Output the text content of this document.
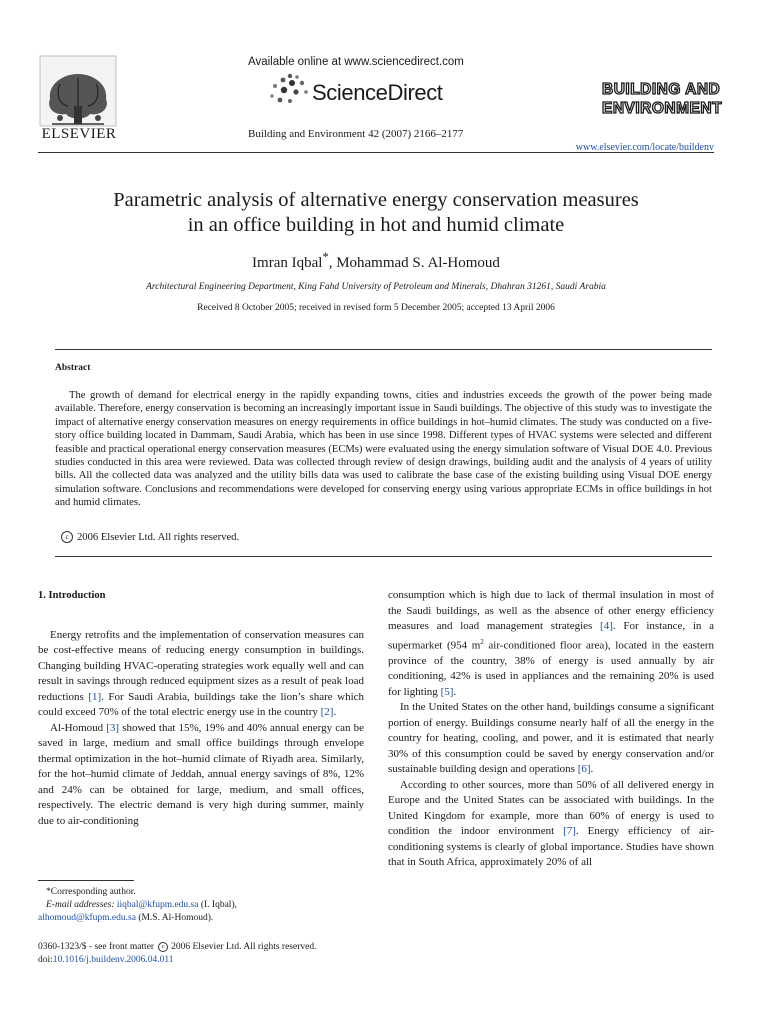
ELSEVIER
Available online at www.sciencedirect.com
ScienceDirect
Building and Environment 42 (2007) 2166–2177
BUILDING AND
ENVIRONMENT
www.elsevier.com/locate/buildenv
Parametric analysis of alternative energy conservation measures
in an office building in hot and humid climate
Imran Iqbal*, Mohammad S. Al-Homoud
Architectural Engineering Department, King Fahd University of Petroleum and Minerals, Dhahran 31261, Saudi Arabia
Received 8 October 2005; received in revised form 5 December 2005; accepted 13 April 2006
Abstract
The growth of demand for electrical energy in the rapidly expanding towns, cities and industries exceeds the growth of the power being made available. Therefore, energy conservation is becoming an increasingly important issue in Saudi buildings. The objective of this study was to investigate the impact of alternative energy conservation measures on energy requirements in office buildings in hot–humid climates. The study was conducted on a five-story office building located in Dammam, Saudi Arabia, which has been in use since 1998. Different types of HVAC systems were selected and different feasible and practical operational energy conservation measures (ECMs) were evaluated using the energy simulation software of Visual DOE 4.0. Previous studies conducted in this area were reviewed. Data was collected through review of design drawings, building audit and the analysis of 4 years of utility bills. All the collected data was analyzed and the utility bills data was used to calibrate the base case of the existing building using Visual DOE energy simulation software. Conclusions and recommendations were developed for conserving energy using various appropriate ECMs in office buildings in hot and humid climates.
c 2006 Elsevier Ltd. All rights reserved.

1. Introduction

Energy retrofits and the implementation of conservation measures can be cost-effective means of reducing energy consumption in buildings. Changing building HVAC-operating strategies work equally well and can result in savings through reduced equipment sizes as a result of peak load reductions [1]. For Saudi Arabia, buildings take the lion’s share which could exceed 70% of the total electric energy use in the country [2].

Al-Homoud [3] showed that 15%, 19% and 40% annual energy can be saved in large, medium and small office buildings through envelope thermal optimization in the hot–humid climate of Riyadh area. Similarly, for the hot–humid climate of Jeddah, annual energy savings of 8%, 12% and 24% can be obtained for large, medium, and small offices, respectively. The electric demand is very high during summer, mainly due to air-conditioning

*Corresponding author.
E-mail addresses: iiqbal@kfupm.edu.sa (I. Iqbal),
alhomoud@kfupm.edu.sa (M.S. Al-Homoud).
0360-1323/$ - see front matter c 2006 Elsevier Ltd. All rights reserved.
doi:10.1016/j.buildenv.2006.04.011

consumption which is high due to lack of thermal insulation in most of the Saudi buildings, as well as the absence of other energy efficiency measures and load management strategies [4]. For instance, in a supermarket (954 $m^2$ air-conditioned floor area), located in the eastern province of the country, 38% of energy is used annually by air conditioning, 42% is used in appliances and the remaining 20% is used for lighting [5].

In the United States on the other hand, buildings consume a significant portion of energy. Buildings consume nearly half of all the energy in the country for heating, cooling, and power, and it is estimated that nearly 30% of this consumption could be saved by energy conservation and/or sustainable building design and operations [6].

According to other sources, more than 50% of all delivered energy in Europe and the United States can be associated with buildings. In the United Kingdom for example, more than 60% of energy is used to condition the indoor environment [7]. Energy efficiency of air-conditioning systems is clearly of global importance. Studies have shown that in South Africa, approximately 20% of all
